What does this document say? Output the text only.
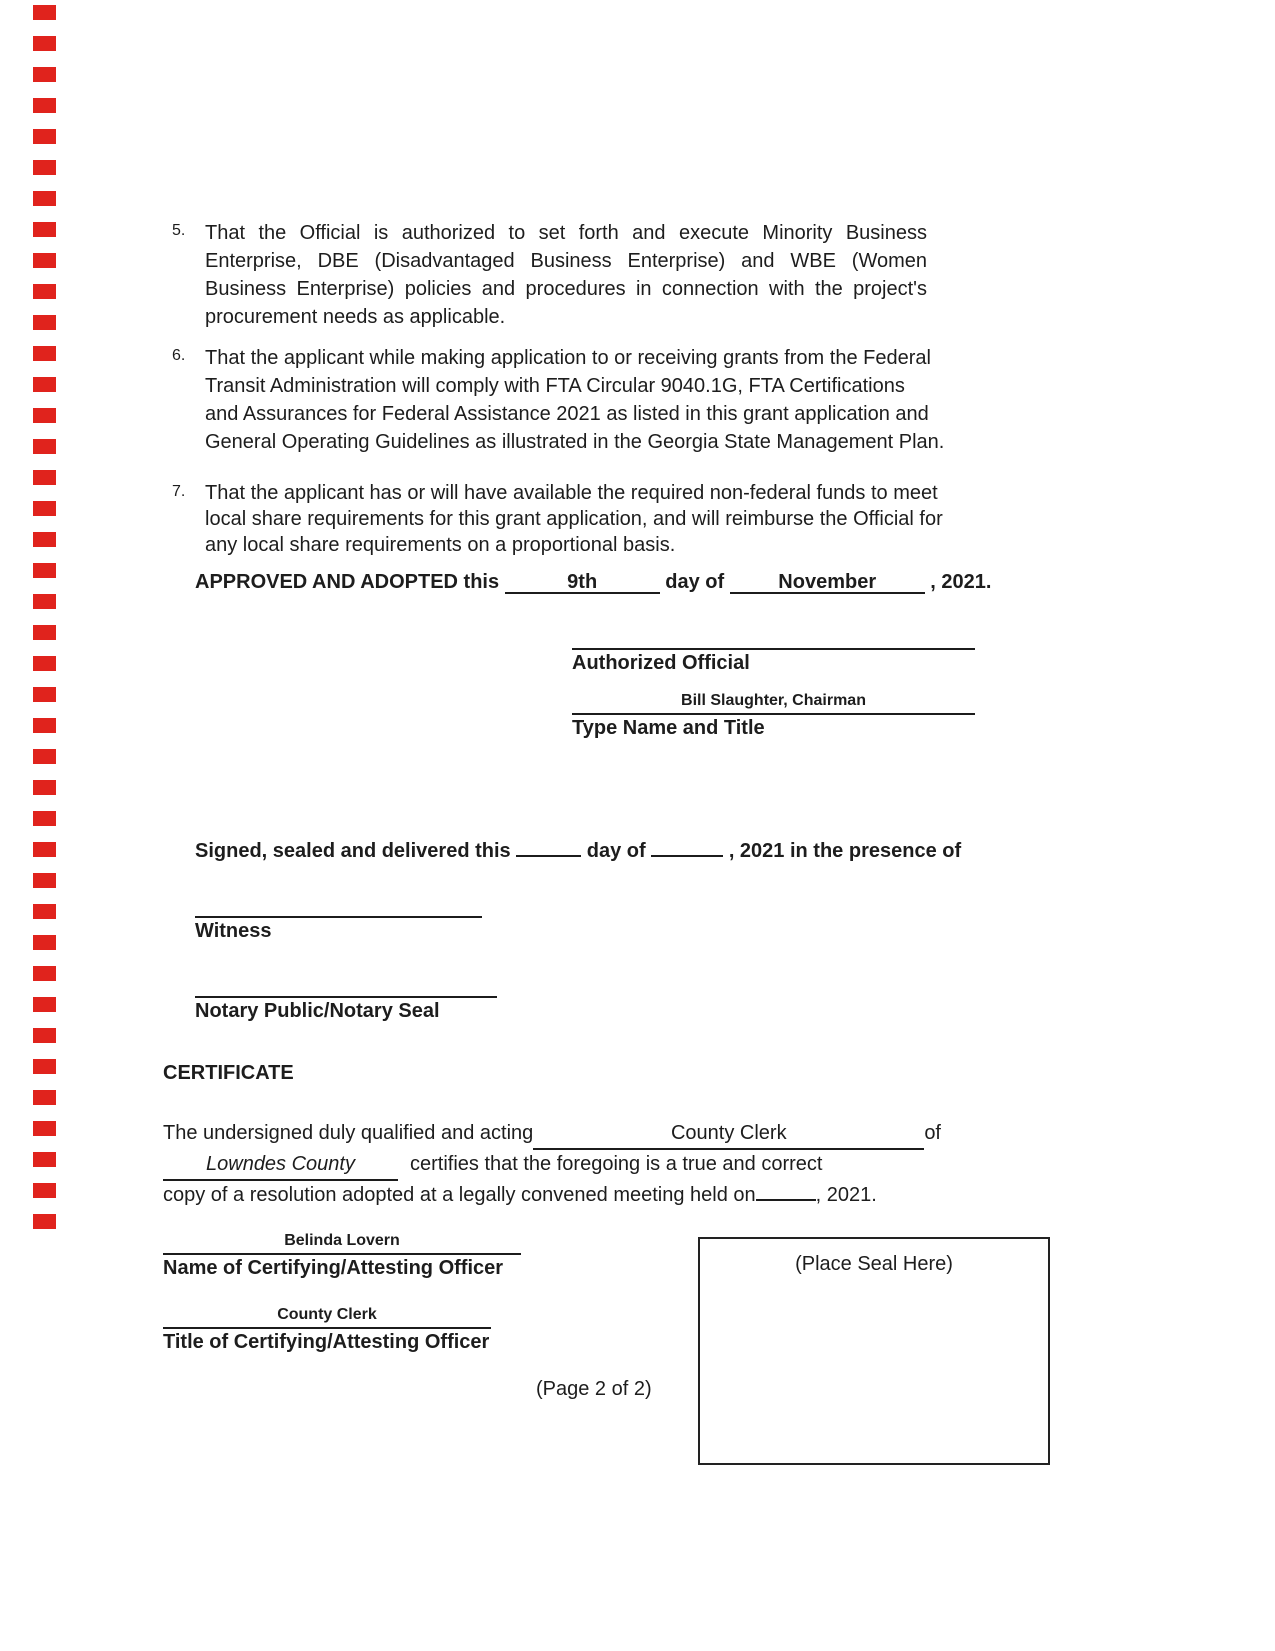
5. That the Official is authorized to set forth and execute Minority Business
Enterprise, DBE (Disadvantaged Business Enterprise) and WBE (Women
Business Enterprise) policies and procedures in connection with the project's
procurement needs as applicable.
6. That the applicant while making application to or receiving grants from the Federal
Transit Administration will comply with FTA Circular 9040.1G, FTA Certifications
and Assurances for Federal Assistance 2021 as listed in this grant application and
General Operating Guidelines as illustrated in the Georgia State Management Plan.
7. That the applicant has or will have available the required non-federal funds to meet
local share requirements for this grant application, and will reimburse the Official for
any local share requirements on a proportional basis.
APPROVED AND ADOPTED this	9th	day of	November	, 2021.
Authorized Official
Bill Slaughter, Chairman
Type Name and Title
Signed, sealed and delivered this	day of	, 2021 in the presence of
Witness
Notary Public/Notary Seal
CERTIFICATE
The undersigned duly qualified and acting	County Clerk	of
Lowndes County	certifies that the foregoing is a true and correct
copy of a resolution adopted at a legally convened meeting held on	, 2021.
Belinda Lovern
Name of Certifying/Attesting Officer
County Clerk
Title of Certifying/Attesting Officer
(Page 2 of 2)
(Place Seal Here)
